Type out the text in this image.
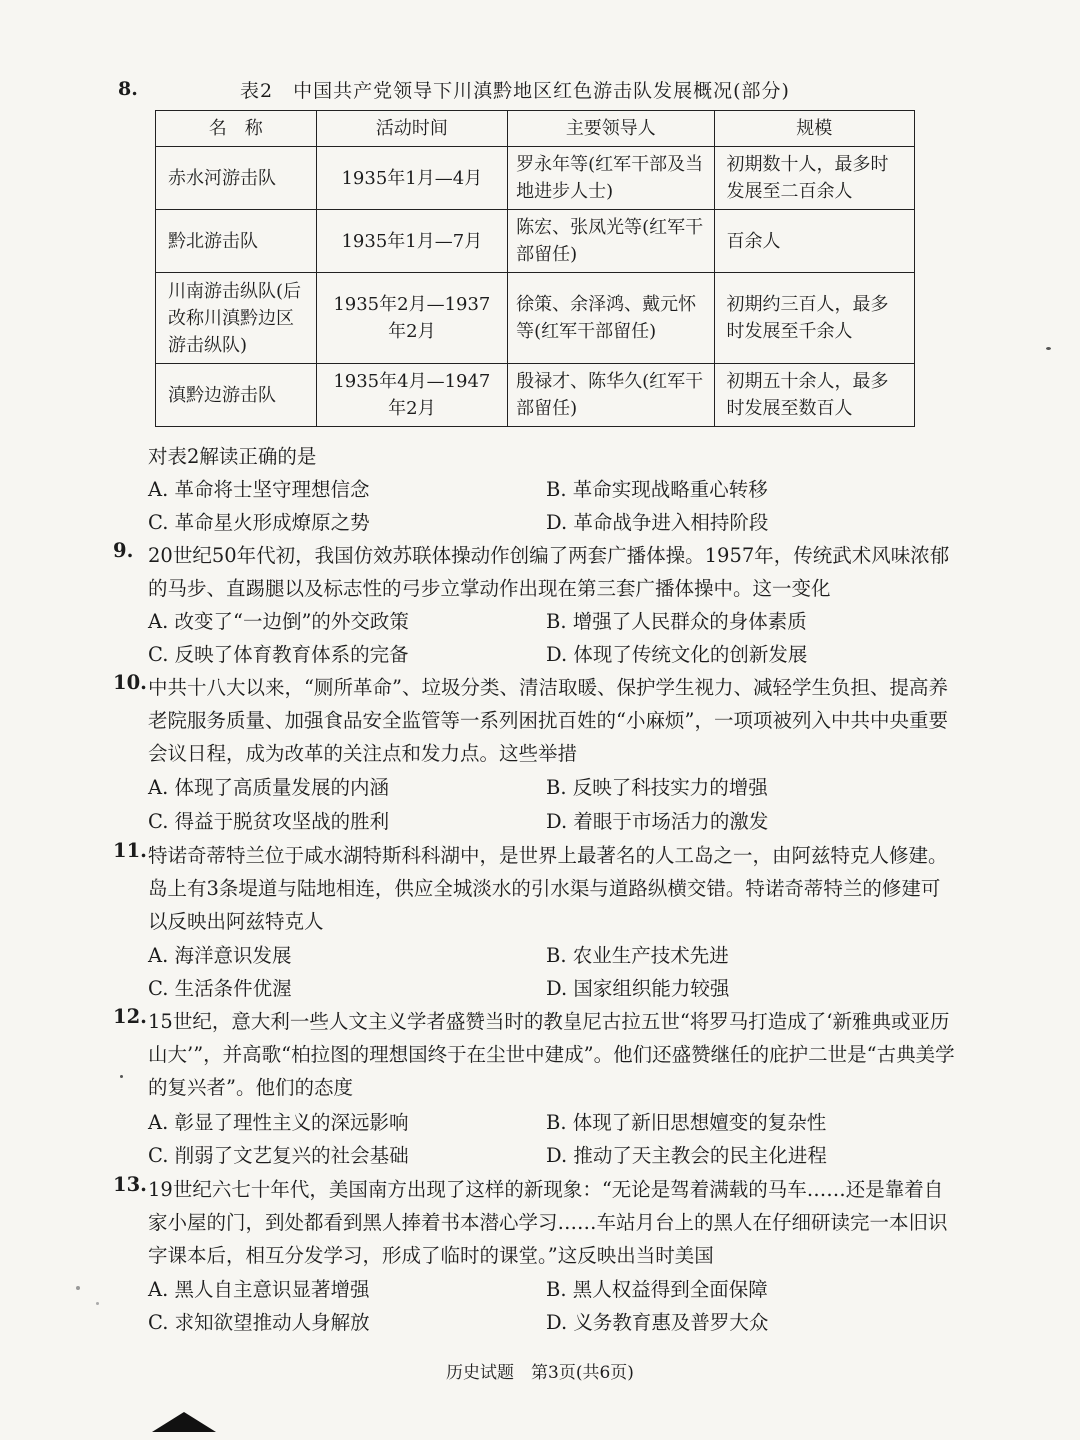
8.	表2　中国共产党领导下川滇黔地区红色游击队发展概况(部分)
名　称	活动时间	主要领导人	规模
赤水河游击队	1935年1月—4月	罗永年等(红军干部及当地进步人士)	初期数十人，最多时发展至二百余人
黔北游击队	1935年1月—7月	陈宏、张凤光等(红军干部留任)	百余人
川南游击纵队(后改称川滇黔边区游击纵队)	1935年2月—1937年2月	徐策、余泽鸿、戴元怀等(红军干部留任)	初期约三百人，最多时发展至千余人
滇黔边游击队	1935年4月—1947年2月	殷禄才、陈华久(红军干部留任)	初期五十余人，最多时发展至数百人
对表2解读正确的是
A. 革命将士坚守理想信念	B. 革命实现战略重心转移
C. 革命星火形成燎原之势	D. 革命战争进入相持阶段
9. 20世纪50年代初，我国仿效苏联体操动作创编了两套广播体操。1957年，传统武术风味浓郁的马步、直踢腿以及标志性的弓步立掌动作出现在第三套广播体操中。这一变化
A. 改变了“一边倒”的外交政策	B. 增强了人民群众的身体素质
C. 反映了体育教育体系的完备	D. 体现了传统文化的创新发展
10. 中共十八大以来，“厕所革命”、垃圾分类、清洁取暖、保护学生视力、减轻学生负担、提高养老院服务质量、加强食品安全监管等一系列困扰百姓的“小麻烦”，一项项被列入中共中央重要会议日程，成为改革的关注点和发力点。这些举措
A. 体现了高质量发展的内涵	B. 反映了科技实力的增强
C. 得益于脱贫攻坚战的胜利	D. 着眼于市场活力的激发
11. 特诺奇蒂特兰位于咸水湖特斯科科湖中，是世界上最著名的人工岛之一，由阿兹特克人修建。岛上有3条堤道与陆地相连，供应全城淡水的引水渠与道路纵横交错。特诺奇蒂特兰的修建可以反映出阿兹特克人
A. 海洋意识发展	B. 农业生产技术先进
C. 生活条件优渥	D. 国家组织能力较强
12. 15世纪，意大利一些人文主义学者盛赞当时的教皇尼古拉五世“将罗马打造成了‘新雅典或亚历山大’”，并高歌“柏拉图的理想国终于在尘世中建成”。他们还盛赞继任的庇护二世是“古典美学的复兴者”。他们的态度
A. 彰显了理性主义的深远影响	B. 体现了新旧思想嬗变的复杂性
C. 削弱了文艺复兴的社会基础	D. 推动了天主教会的民主化进程
13. 19世纪六七十年代，美国南方出现了这样的新现象：“无论是驾着满载的马车……还是靠着自家小屋的门，到处都看到黑人捧着书本潜心学习……车站月台上的黑人在仔细研读完一本旧识字课本后，相互分发学习，形成了临时的课堂。”这反映出当时美国
A. 黑人自主意识显著增强	B. 黑人权益得到全面保障
C. 求知欲望推动人身解放	D. 义务教育惠及普罗大众
历史试题　第3页(共6页)
